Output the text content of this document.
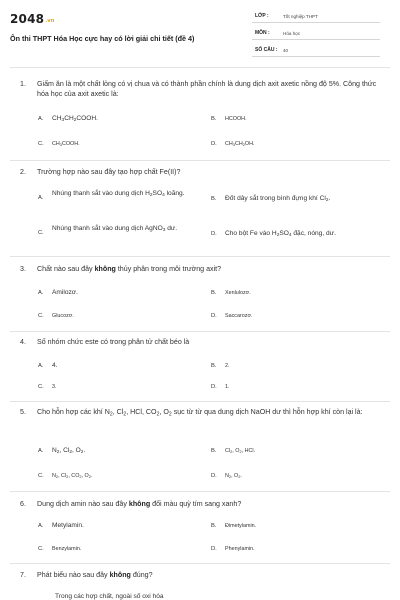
2048.vn
Ôn thi THPT Hóa Học cực hay có lời giải chi tiết (đề 4)
LỚP :	Tốt nghiệp THPT
MÔN :	Hóa học
SỐ CÂU : 40
1.	Giấm ăn là một chất lỏng có vị chua và có thành phần chính là dung dịch axit axetic nồng độ 5%. Công thức hóa học của axit axetic là:
A.	$CH_3CH_2COOH$.	B.	HCOOH.
C.	$CH_3COOH$.	D.	$CH_3CH_2OH$.
2.	Trường hợp nào sau đây tạo hợp chất Fe(II)?
A.
Nhúng thanh sắt vào dung dịch $H_2SO_4$ loãng.
B.	Đốt dây sắt trong bình đựng khí $Cl_2$.
C.
Nhúng thanh sắt vào dung dịch AgNO$_3$ dư.
D.	Cho bột Fe vào $H_2SO_4$ đặc, nóng, dư.
3.	Chất nào sau đây không thủy phân trong môi trường axit?
A.	Amilozơ.	B.	Xenlulozơ.
C.	Glucozơ.	D.	Saccarozơ.
4.	Số nhóm chức este có trong phân tử chất béo là
A.	4.	B.	2.
C.	3.	D.	1.
5.	Cho hỗn hợp các khí $N_2$, $Cl_2$, HCl, $CO_2$, $O_2$ sục từ từ qua dung dịch NaOH dư thì hỗn hợp khí còn lại là:
A.	$N_2$, $Cl_2$, $O_2$.	B.	$Cl_2$, $O_2$, HCl.
C.	$N_2$, $Cl_2$, $CO_2$, $O_2$.	D.	$N_2$, $O_2$.
6.	Dung dịch amin nào sau đây không đổi màu quỳ tím sang xanh?
A.	Metylamin.	B.	Đimetylamin.
C.	Benzylamin.	D.	Phenylamin.
7.	Phát biểu nào sau đây không đúng?
Trong các hợp chất, ngoài số oxi hóa
